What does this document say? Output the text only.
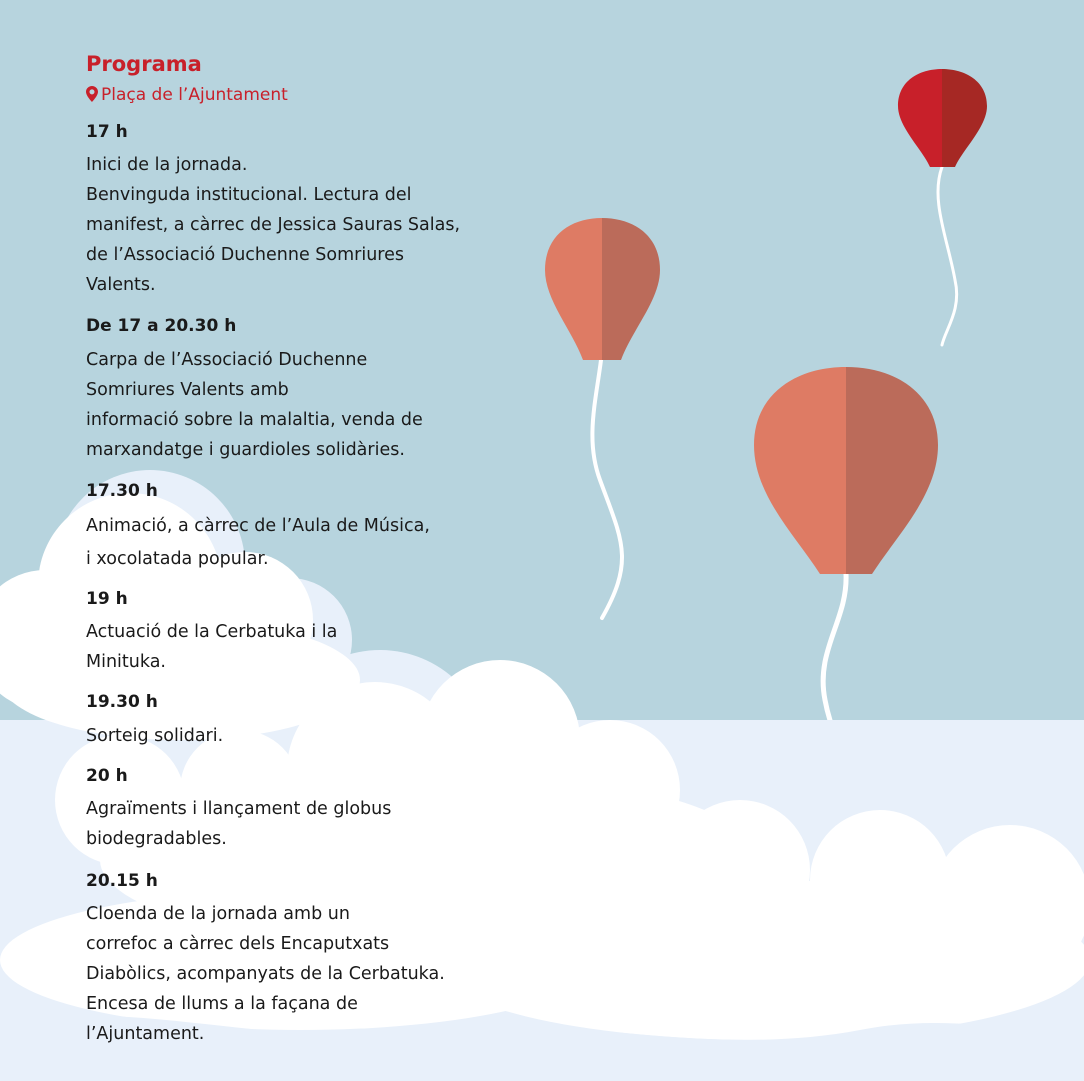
Programa
Plaça de l’Ajuntament
17 h
Inici de la jornada.
Benvinguda institucional. Lectura del
manifest, a càrrec de Jessica Sauras Salas,
de l’Associació Duchenne Somriures
Valents.
De 17 a 20.30 h
Carpa de l’Associació Duchenne
Somriures Valents amb
informació sobre la malaltia, venda de
marxandatge i guardioles solidàries.
17.30 h
Animació, a càrrec de l’Aula de Música,
i xocolatada popular.
19 h
Actuació de la Cerbatuka i la
Minituka.
19.30 h
Sorteig solidari.
20 h
Agraïments i llançament de globus
biodegradables.
20.15 h
Cloenda de la jornada amb un
correfoc a càrrec dels Encaputxats
Diabòlics, acompanyats de la Cerbatuka.
Encesa de llums a la façana de
l’Ajuntament.
